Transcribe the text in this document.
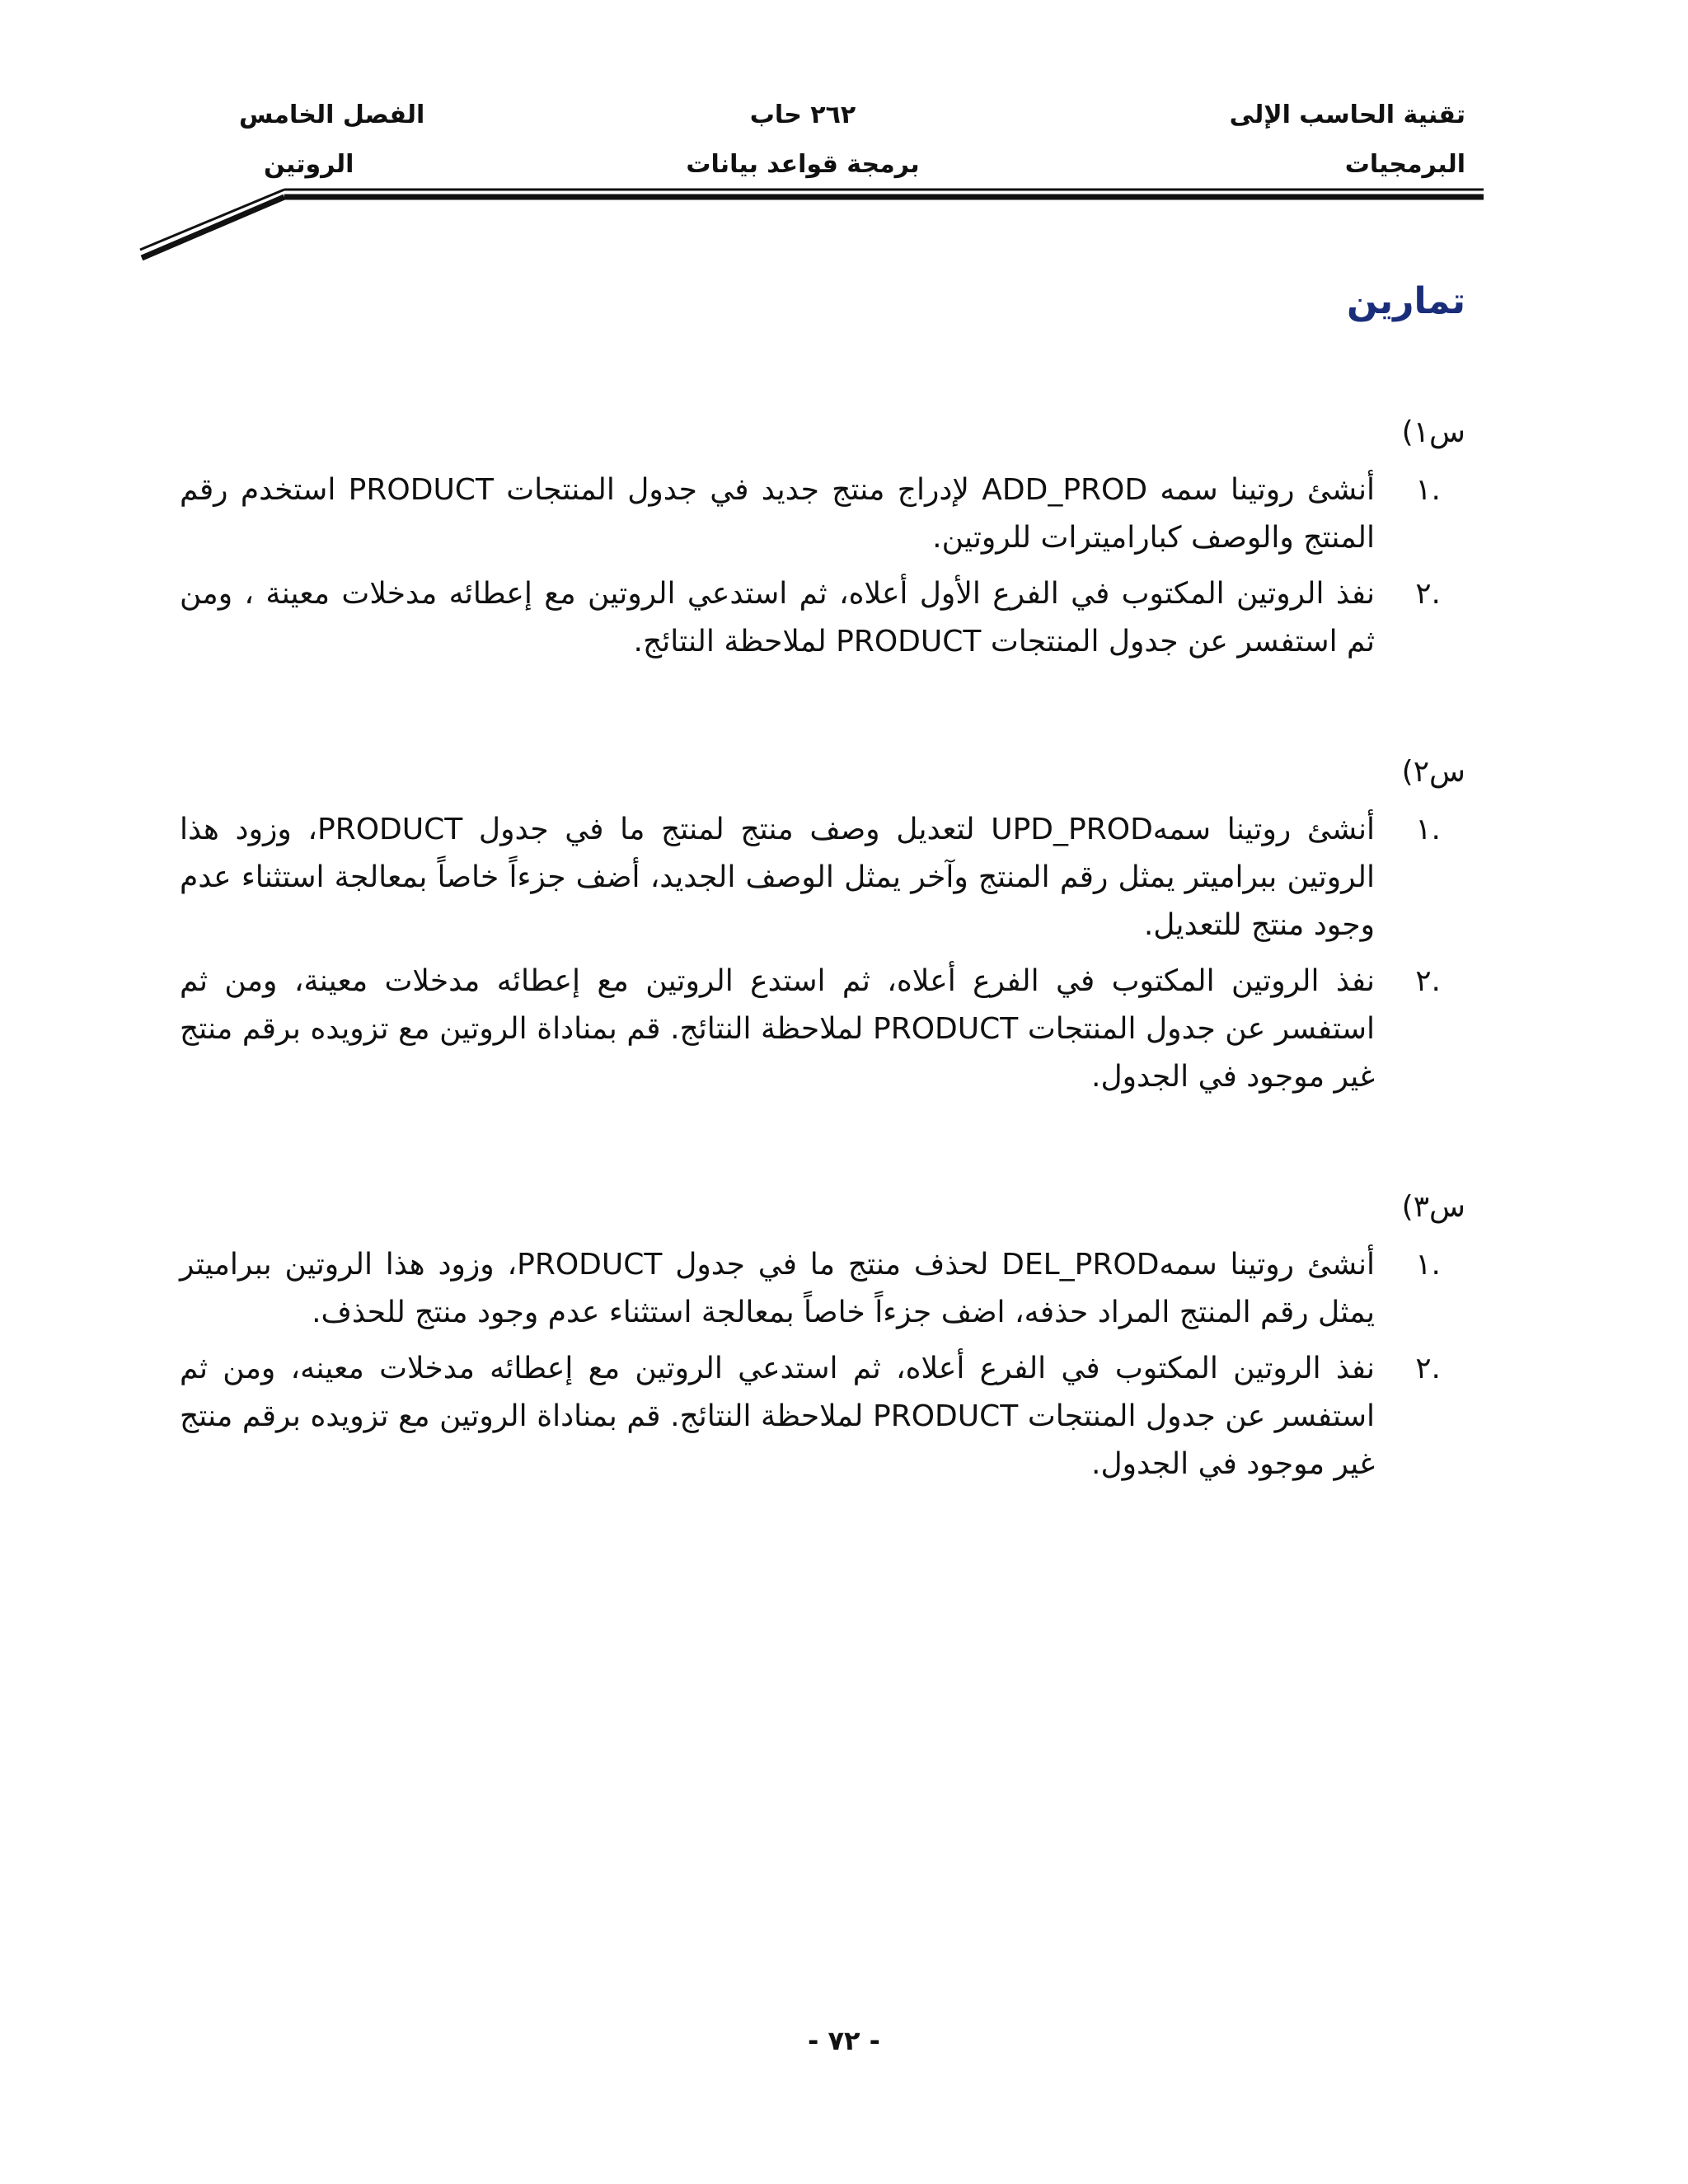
تقنية الحاسب الإلى
البرمجيات
٢٦٢ حاب
برمجة قواعد بيانات
الفصل الخامس
الروتين
تمارين
س١)
.١
أنشئ روتينا سمه ADD_PROD لإدراج منتج جديد في جدول المنتجات PRODUCT استخدم رقم المنتج والوصف كباراميترات للروتين.
.٢
نفذ الروتين المكتوب في الفرع الأول أعلاه، ثم استدعي الروتين مع إعطائه مدخلات معينة ، ومن ثم استفسر عن جدول المنتجات PRODUCT لملاحظة النتائج.
س٢)
.١
أنشئ روتينا سمهUPD_PROD لتعديل وصف منتج لمنتج ما في جدول PRODUCT، وزود هذا الروتين ببراميتر يمثل رقم المنتج وآخر يمثل الوصف الجديد، أضف جزءاً خاصاً بمعالجة استثناء عدم وجود منتج للتعديل.
.٢
نفذ الروتين المكتوب في الفرع أعلاه، ثم استدع الروتين مع إعطائه مدخلات معينة، ومن ثم استفسر عن جدول المنتجات PRODUCT لملاحظة النتائج. قم بمناداة الروتين مع تزويده برقم منتج غير موجود في الجدول.
س٣)
.١
أنشئ روتينا سمهDEL_PROD لحذف منتج ما في جدول PRODUCT، وزود هذا الروتين ببراميتر يمثل رقم المنتج المراد حذفه، اضف جزءاً خاصاً بمعالجة استثناء عدم وجود منتج للحذف.
.٢
نفذ الروتين المكتوب في الفرع أعلاه، ثم استدعي الروتين مع إعطائه مدخلات معينه، ومن ثم استفسر عن جدول المنتجات PRODUCT لملاحظة النتائج. قم بمناداة الروتين مع تزويده برقم منتج غير موجود في الجدول.
- ٧٢ -
